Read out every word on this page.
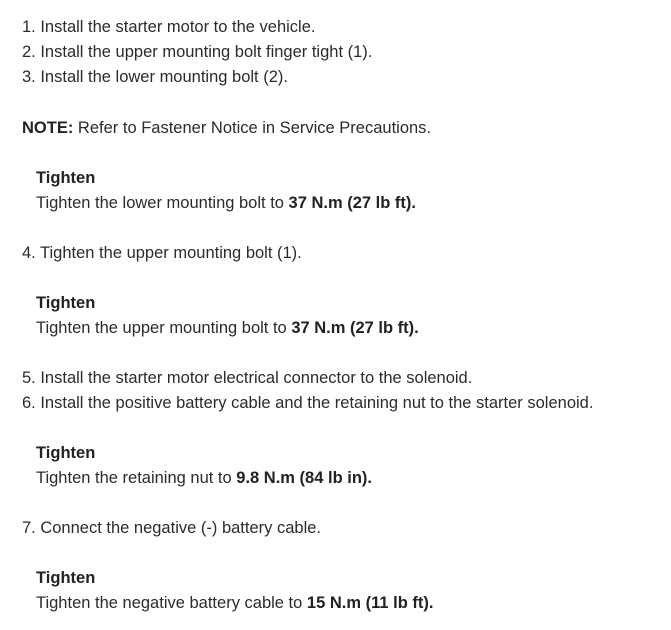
1. Install the starter motor to the vehicle.
2. Install the upper mounting bolt finger tight (1).
3. Install the lower mounting bolt (2).
NOTE: Refer to Fastener Notice in Service Precautions.
Tighten
Tighten the lower mounting bolt to 37 N.m (27 lb ft).
4. Tighten the upper mounting bolt (1).
Tighten
Tighten the upper mounting bolt to 37 N.m (27 lb ft).
5. Install the starter motor electrical connector to the solenoid.
6. Install the positive battery cable and the retaining nut to the starter solenoid.
Tighten
Tighten the retaining nut to 9.8 N.m (84 lb in).
7. Connect the negative (-) battery cable.
Tighten
Tighten the negative battery cable to 15 N.m (11 lb ft).
